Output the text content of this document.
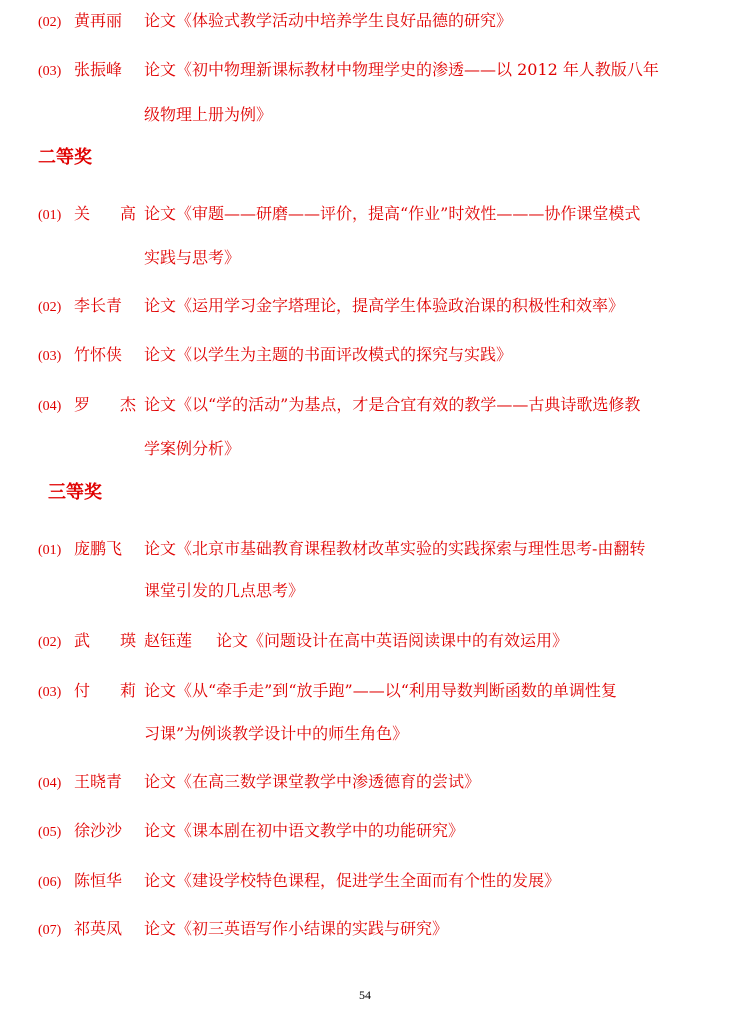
(02) 黄再丽 论文《体验式教学活动中培养学生良好品德的研究》
(03) 张振峰 论文《初中物理新课标教材中物理学史的渗透——以 2012 年人教版八年
级物理上册为例》
二等奖
(01) 关 高 论文《审题——研磨——评价，提高“作业”时效性———协作课堂模式
实践与思考》
(02) 李长青 论文《运用学习金字塔理论，提高学生体验政治课的积极性和效率》
(03) 竹怀侠 论文《以学生为主题的书面评改模式的探究与实践》
(04) 罗 杰 论文《以“学的活动”为基点，才是合宜有效的教学——古典诗歌选修教
学案例分析》
三等奖
(01) 庞鹏飞 论文《北京市基础教育课程教材改革实验的实践探索与理性思考-由翻转
课堂引发的几点思考》
(02) 武 瑛 赵钰莲 论文《问题设计在高中英语阅读课中的有效运用》
(03) 付 莉 论文《从“牵手走”到“放手跑”——以“利用导数判断函数的单调性复
习课”为例谈教学设计中的师生角色》
(04) 王晓青 论文《在高三数学课堂教学中渗透德育的尝试》
(05) 徐沙沙 论文《课本剧在初中语文教学中的功能研究》
(06) 陈恒华 论文《建设学校特色课程，促进学生全面而有个性的发展》
(07) 祁英凤 论文《初三英语写作小结课的实践与研究》
54
